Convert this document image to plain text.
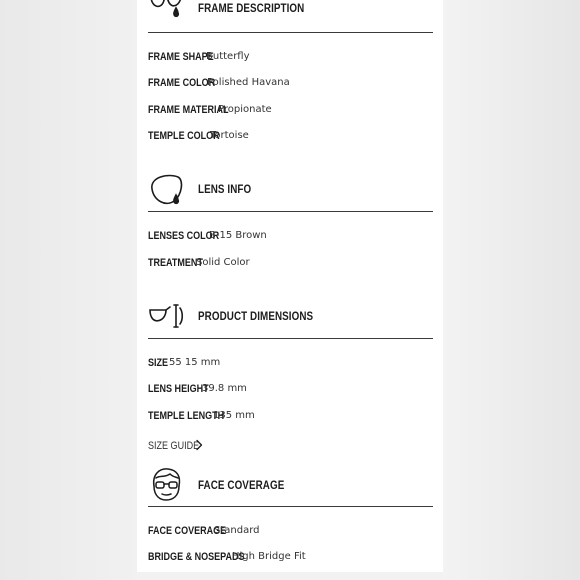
FRAME DESCRIPTION
FRAME SHAPE
Butterfly
FRAME COLOR
Polished Havana
FRAME MATERIAL
Propionate
TEMPLE COLOR
Tortoise
LENS INFO
LENSES COLOR
B-15 Brown
TREATMENT
Solid Color
PRODUCT DIMENSIONS
SIZE 55 15 mm
LENS HEIGHT
39.8 mm
TEMPLE LENGTH
135 mm
SIZE GUIDE
FACE COVERAGE
FACE COVERAGE
Standard
BRIDGE & NOSEPADS
High Bridge Fit
